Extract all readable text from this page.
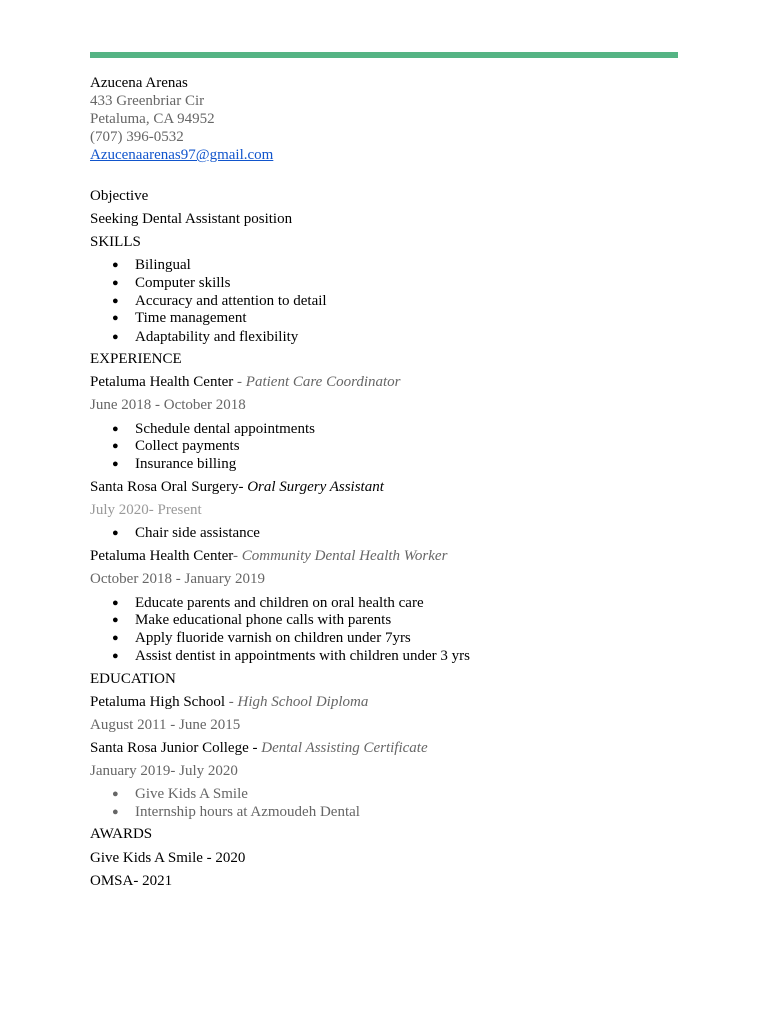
Azucena Arenas
433 Greenbriar Cir
Petaluma, CA 94952
(707) 396-0532
Azucenaarenas97@gmail.com
Objective
Seeking Dental Assistant position
SKILLS
● Bilingual
● Computer skills
● Accuracy and attention to detail
● Time management
● Adaptability and flexibility
EXPERIENCE
Petaluma Health Center - Patient Care Coordinator
June 2018 - October 2018
● Schedule dental appointments
● Collect payments
● Insurance billing
Santa Rosa Oral Surgery- Oral Surgery Assistant
July 2020- Present
● Chair side assistance
Petaluma Health Center- Community Dental Health Worker
October 2018 - January 2019
● Educate parents and children on oral health care
● Make educational phone calls with parents
● Apply fluoride varnish on children under 7yrs
● Assist dentist in appointments with children under 3 yrs
EDUCATION
Petaluma High School - High School Diploma
August 2011 - June 2015
Santa Rosa Junior College - Dental Assisting Certificate
January 2019- July 2020
● Give Kids A Smile
● Internship hours at Azmoudeh Dental
AWARDS
Give Kids A Smile - 2020
OMSA- 2021
